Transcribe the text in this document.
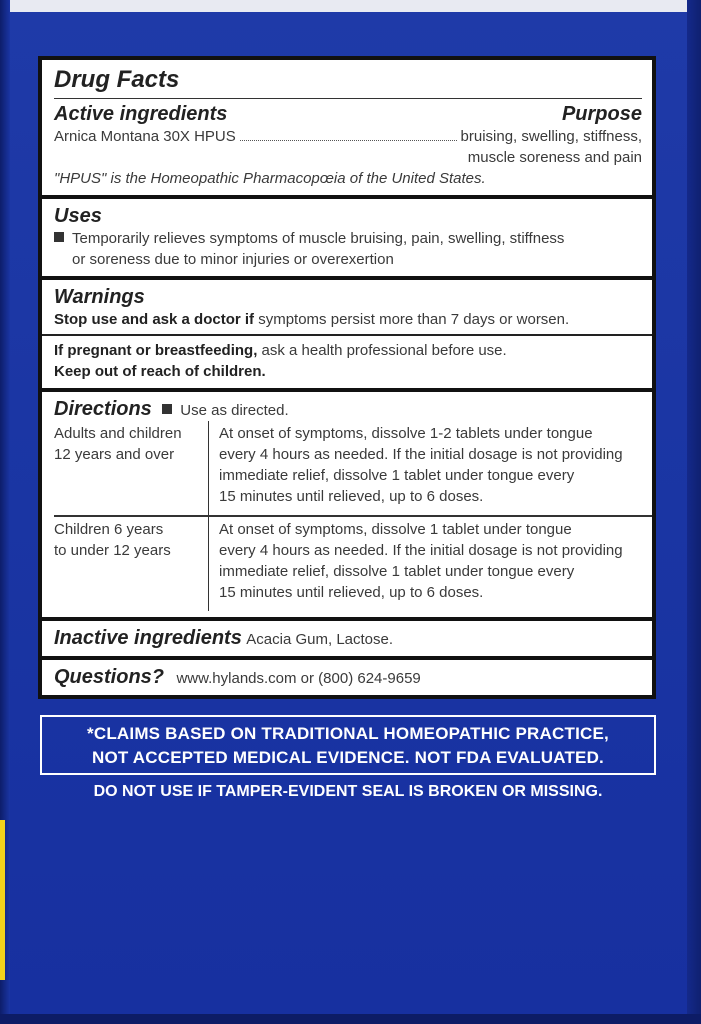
Drug Facts
Active ingredients	Purpose
Arnica Montana 30X HPUS	bruising, swelling, stiffness,
muscle soreness and pain
"HPUS" is the Homeopathic Pharmacopœia of the United States.
Uses
Temporarily relieves symptoms of muscle bruising, pain, swelling, stiffness
or soreness due to minor injuries or overexertion
Warnings
Stop use and ask a doctor if symptoms persist more than 7 days or worsen.
If pregnant or breastfeeding, ask a health professional before use.
Keep out of reach of children.
Directions Use as directed.
Adults and children
12 years and over
At onset of symptoms, dissolve 1-2 tablets under tongue
every 4 hours as needed. If the initial dosage is not providing
immediate relief, dissolve 1 tablet under tongue every
15 minutes until relieved, up to 6 doses.
Children 6 years
to under 12 years
At onset of symptoms, dissolve 1 tablet under tongue
every 4 hours as needed. If the initial dosage is not providing
immediate relief, dissolve 1 tablet under tongue every
15 minutes until relieved, up to 6 doses.
Inactive ingredients Acacia Gum, Lactose.
Questions? www.hylands.com or (800) 624-9659
*CLAIMS BASED ON TRADITIONAL HOMEOPATHIC PRACTICE,
NOT ACCEPTED MEDICAL EVIDENCE. NOT FDA EVALUATED.
DO NOT USE IF TAMPER-EVIDENT SEAL IS BROKEN OR MISSING.
